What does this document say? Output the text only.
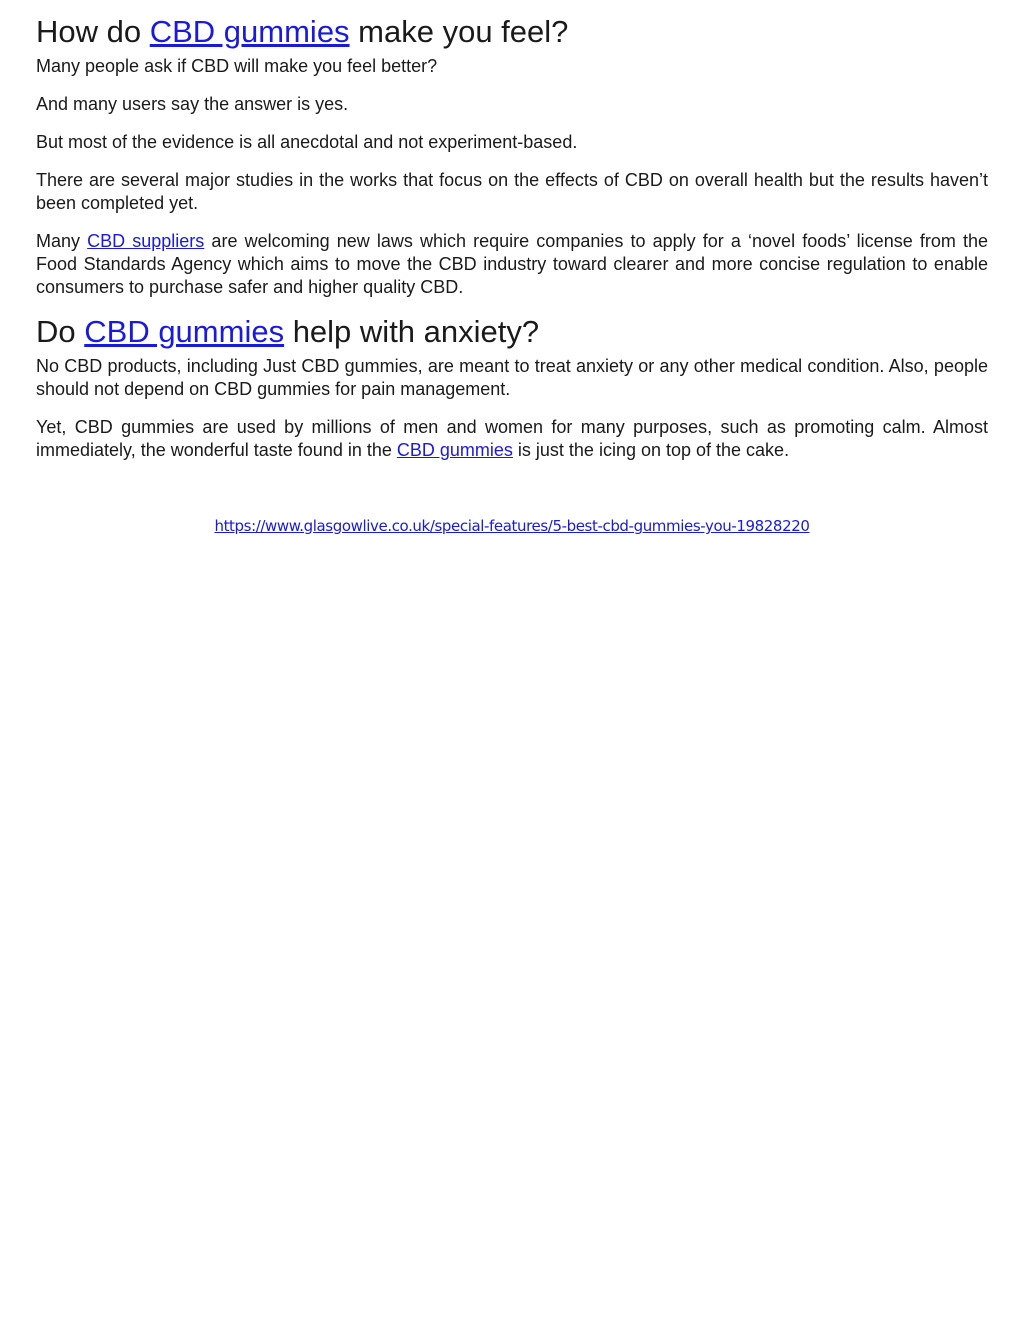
How do CBD gummies make you feel?

Many people ask if CBD will make you feel better?

And many users say the answer is yes.

But most of the evidence is all anecdotal and not experiment-based.

There are several major studies in the works that focus on the effects of CBD on overall health but the results haven’t been completed yet.

Many CBD suppliers are welcoming new laws which require companies to apply for a ‘novel foods’ license from the Food Standards Agency which aims to move the CBD industry toward clearer and more concise regulation to enable consumers to purchase safer and higher quality CBD.

Do CBD gummies help with anxiety?

No CBD products, including Just CBD gummies, are meant to treat anxiety or any other medical condition. Also, people should not depend on CBD gummies for pain management.

Yet, CBD gummies are used by millions of men and women for many purposes, such as promoting calm. Almost immediately, the wonderful taste found in the CBD gummies is just the icing on top of the cake.

https://www.glasgowlive.co.uk/special-features/5-best-cbd-gummies-you-19828220
